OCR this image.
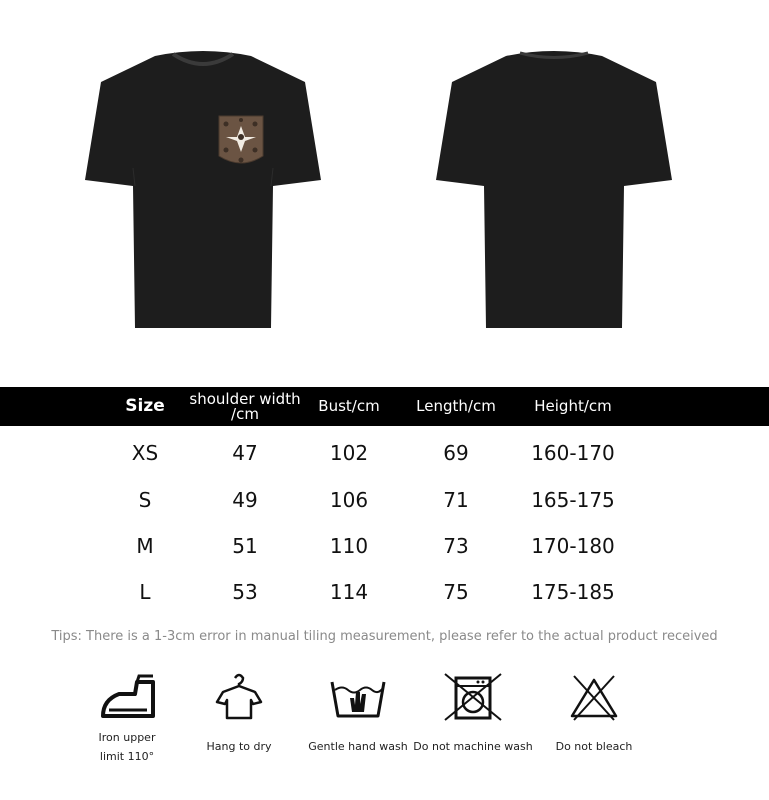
Size	shoulder width /cm	Bust/cm	Length/cm	Height/cm
XS	47	102	69	160-170
S	49	106	71	165-175
M	51	110	73	170-180
L	53	114	75	175-185
Tips: There is a 1-3cm error in manual tiling measurement, please refer to the actual product received
Iron upper
limit 110°
Hang to dry	Gentle hand wash Do not machine wash	Do not bleach
